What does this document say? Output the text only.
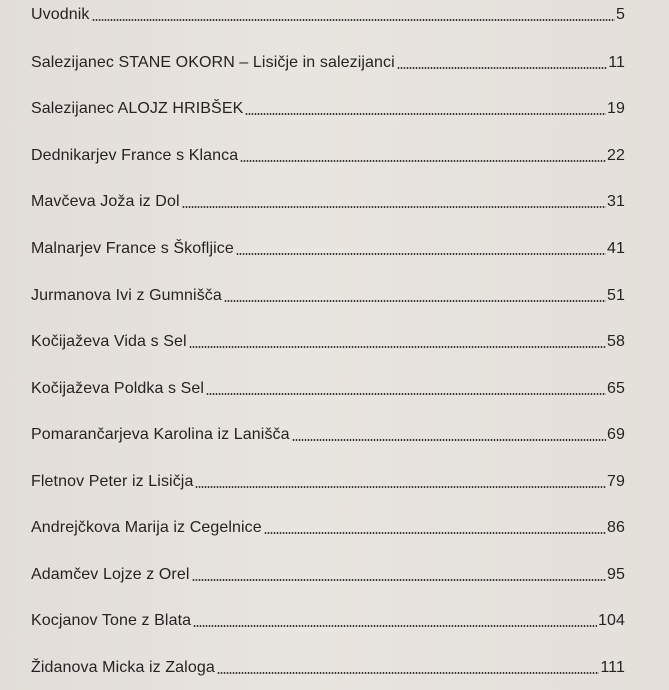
Uvodnik	5
Salezijanec STANE OKORN – Lisičje in salezijanci	11
Salezijanec ALOJZ HRIBŠEK	19
Dednikarjev France s Klanca	22
Mavčeva Joža iz Dol	31
Malnarjev France s Škofljice	41
Jurmanova Ivi z Gumnišča	51
Kočijaževa Vida s Sel	58
Kočijaževa Poldka s Sel	65
Pomarančarjeva Karolina iz Lanišča	69
Fletnov Peter iz Lisičja	79
Andrejčkova Marija iz Cegelnice	86
Adamčev Lojze z Orel	95
Kocjanov Tone z Blata	104
Židanova Micka iz Zaloga	111
